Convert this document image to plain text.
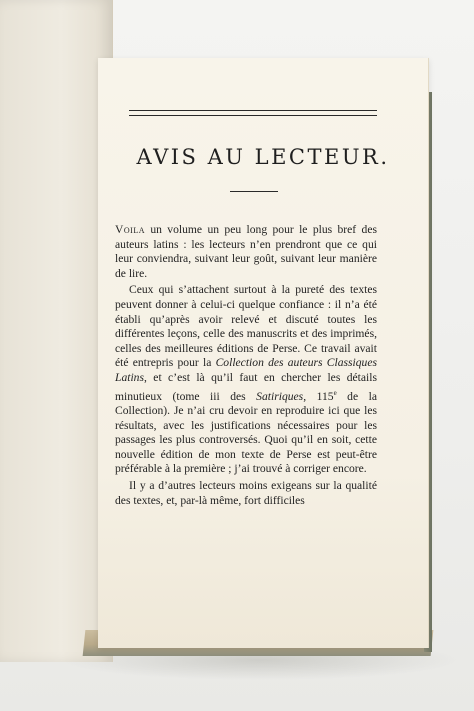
AVIS AU LECTEUR.

Voila un volume un peu long pour le plus bref des auteurs latins : les lecteurs n’en prendront que ce qui leur conviendra, suivant leur goût, suivant leur manière de lire.

Ceux qui s’attachent surtout à la pureté des textes peuvent donner à celui-ci quelque confiance : il n’a été établi qu’après avoir relevé et discuté toutes les différentes leçons, celle des manuscrits et des imprimés, celles des meilleures éditions de Perse. Ce travail avait été entrepris pour la Collection des auteurs Classiques Latins, et c’est là qu’il faut en chercher les détails minutieux (tome iii des Satiriques, 115e de la Collection). Je n’ai cru devoir en reproduire ici que les résultats, avec les justifications nécessaires pour les passages les plus controversés. Quoi qu’il en soit, cette nouvelle édition de mon texte de Perse est peut-être préférable à la première ; j’ai trouvé à corriger encore.

Il y a d’autres lecteurs moins exigeans sur la qualité des textes, et, par-là même, fort difficiles
